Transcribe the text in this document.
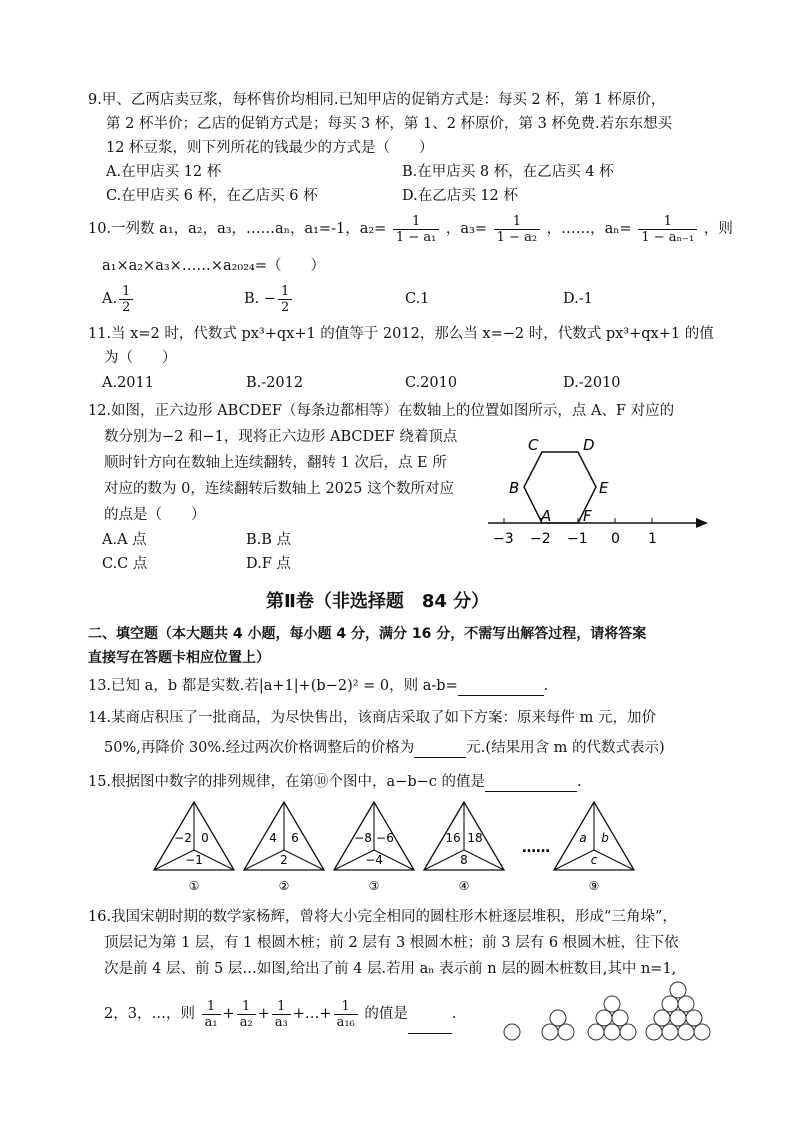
9.甲、乙两店卖豆浆，每杯售价均相同.已知甲店的促销方式是：每买 2 杯，第 1 杯原价，
第 2 杯半价；乙店的促销方式是；每买 3 杯，第 1、2 杯原价，第 3 杯免费.若东东想买
12 杯豆浆，则下列所花的钱最少的方式是（　　）
A.在甲店买 12 杯	B.在甲店买 8 杯，在乙店买 4 杯
C.在甲店买 6 杯，在乙店买 6 杯	D.在乙店买 12 杯
10.一列数 a₁，a₂，a₃，……aₙ，a₁=-1，$a_2= \frac{1}{\text{1 − a₁}}$ ，$a_3= \frac{1}{\text{1 − a₂}}$ ，……，$a_n= \frac{1}{\text{1 − aₙ₋₁}}$ ，则
a₁×a₂×a₃×……×a₂₀₂₄=（　　）
A. $\frac{1}{2}$	B. − $\frac{1}{2}$	C.1	D.-1
11.当 x=2 时，代数式 px³+qx+1 的值等于 2012，那么当 x=−2 时，代数式 px³+qx+1 的值
为（　　）
A.2011	B.-2012	C.2010	D.-2010
12.如图，正六边形 ABCDEF（每条边都相等）在数轴上的位置如图所示，点 A、F 对应的
数分别为−2 和−1，现将正六边形 ABCDEF 绕着顶点
顺时针方向在数轴上连续翻转，翻转 1 次后，点 E 所
对应的数为 0，连续翻转后数轴上 2025 这个数所对应
的点是（　　）
A.A 点	B.B 点
C.C 点	D.F 点
C	D
B	E
A F
−3 −2 −1 0 1
第Ⅱ卷（非选择题　84 分）
二、填空题（本大题共 4 小题，每小题 4 分，满分 16 分，不需写出解答过程，请将答案
直接写在答题卡相应位置上）
13.已知 a，b 都是实数.若|a+1|+(b−2)² = 0，则 a-b=	.
14.某商店积压了一批商品，为尽快售出，该商店采取了如下方案：原来每件 m 元，加价
50%,再降价 30%.经过两次价格调整后的价格为	元.(结果用含 m 的代数式表示)
15.根据图中数字的排列规律，在第⑩个图中，a−b−c 的值是	.
−2 0
−1
①
4 6
2
②
−8 −6
−4
③
16 18
8
④
a b
c
⑨
……
16.我国宋朝时期的数学家杨辉，曾将大小完全相同的圆柱形木桩逐层堆积，形成“三角垛”，
顶层记为第 1 层，有 1 根圆木桩；前 2 层有 3 根圆木桩；前 3 层有 6 根圆木桩，往下依
次是前 4 层、前 5 层…如图,给出了前 4 层.若用 aₙ 表示前 n 层的圆木桩数目,其中 n=1,
2，3，…，则 $\frac{1}{\text{a₁}} + \frac{1}{\text{a₂}} + \frac{1}{\text{a₃}}$ +…+ $\frac{1}{\text{a₁₆}}$ 的值是	.
